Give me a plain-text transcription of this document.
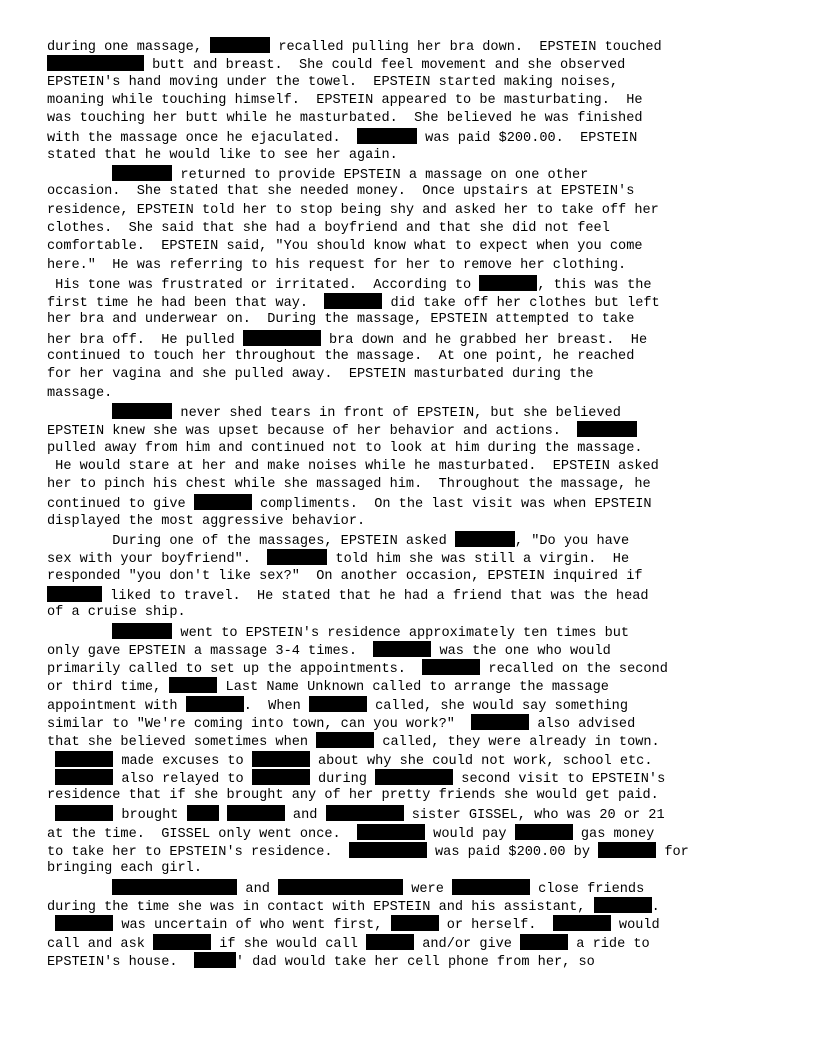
during one massage,	recalled pulling her bra down.  EPSTEIN touched
butt and breast.  She could feel movement and she observed
EPSTEIN's hand moving under the towel.  EPSTEIN started making noises,
moaning while touching himself.  EPSTEIN appeared to be masturbating.  He
was touching her butt while he masturbated.  She believed he was finished
with the massage once he ejaculated.	was paid $200.00.  EPSTEIN
stated that he would like to see her again.
returned to provide EPSTEIN a massage on one other
occasion.  She stated that she needed money.  Once upstairs at EPSTEIN's
residence, EPSTEIN told her to stop being shy and asked her to take off her
clothes.  She said that she had a boyfriend and that she did not feel
comfortable.  EPSTEIN said, "You should know what to expect when you come
here."  He was referring to his request for her to remove her clothing.
His tone was frustrated or irritated.  According to	, this was the
first time he had been that way.	did take off her clothes but left
her bra and underwear on.  During the massage, EPSTEIN attempted to take
her bra off.  He pulled	bra down and he grabbed her breast.  He
continued to touch her throughout the massage.  At one point, he reached
for her vagina and she pulled away.  EPSTEIN masturbated during the
massage.
never shed tears in front of EPSTEIN, but she believed
EPSTEIN knew she was upset because of her behavior and actions.
pulled away from him and continued not to look at him during the massage.
He would stare at her and make noises while he masturbated.  EPSTEIN asked
her to pinch his chest while she massaged him.  Throughout the massage, he
continued to give	compliments.  On the last visit was when EPSTEIN
displayed the most aggressive behavior.
During one of the massages, EPSTEIN asked	, "Do you have
sex with your boyfriend".	told him she was still a virgin.  He
responded "you don't like sex?"  On another occasion, EPSTEIN inquired if
liked to travel.  He stated that he had a friend that was the head
of a cruise ship.
went to EPSTEIN's residence approximately ten times but
only gave EPSTEIN a massage 3-4 times.	was the one who would
primarily called to set up the appointments.	recalled on the second
or third time,	Last Name Unknown called to arrange the massage
appointment with	.  When	called, she would say something
similar to "We're coming into town, can you work?"	also advised
that she believed sometimes when	called, they were already in town.
made excuses to	about why she could not work, school etc.
also relayed to	during	second visit to EPSTEIN's
residence that if she brought any of her pretty friends she would get paid.
brought	and	sister GISSEL, who was 20 or 21
at the time.  GISSEL only went once.	would pay	gas money
to take her to EPSTEIN's residence.	was paid $200.00 by	for
bringing each girl.
and	were	close friends
during the time she was in contact with EPSTEIN and his assistant,	.
was uncertain of who went first,	or herself.	would
call and ask	if she would call	and/or give	a ride to
EPSTEIN's house.	' dad would take her cell phone from her, so
